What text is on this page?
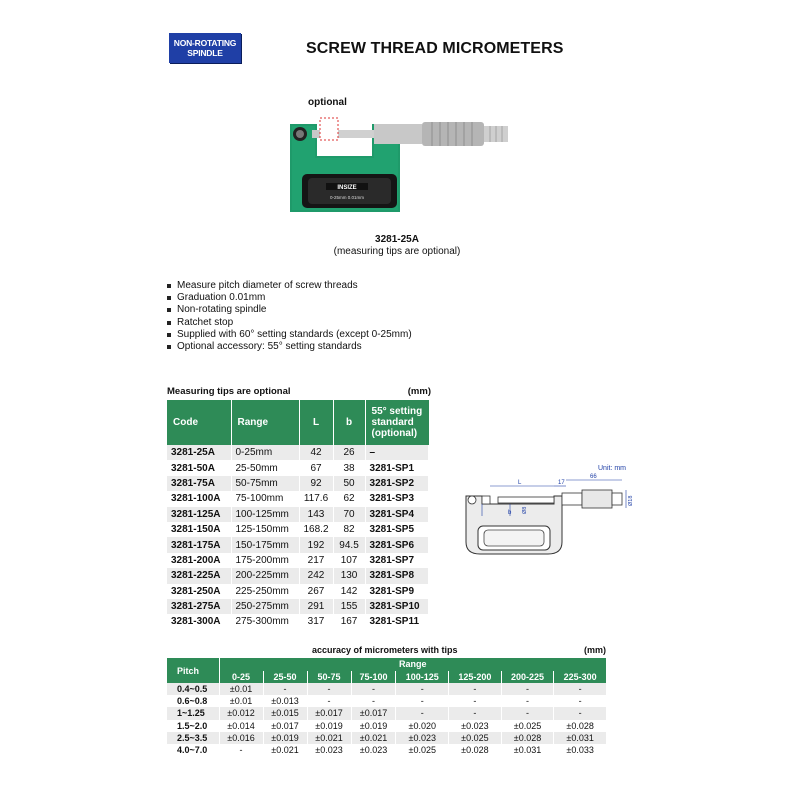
NON-ROTATING
SPINDLE	SCREW THREAD MICROMETERS
INSIZE
0-25mm 0.01mm
optional
3281-25A
(measuring tips are optional)
Measure pitch diameter of screw threads
Graduation 0.01mm
Non-rotating spindle
Ratchet stop
Supplied with 60° setting standards (except 0-25mm)
Optional accessory: 55° setting standards
Measuring tips are optional	(mm)
Code	Range	L	b	55° setting standard (optional)
3281-25A	0-25mm	42	26	–
3281-50A	25-50mm	67	38	3281-SP1
3281-75A	50-75mm	92	50	3281-SP2
3281-100A	75-100mm	117.6	62	3281-SP3
3281-125A	100-125mm	143	70	3281-SP4
3281-150A	125-150mm	168.2	82	3281-SP5
3281-175A	150-175mm	192	94.5	3281-SP6
3281-200A	175-200mm	217	107	3281-SP7
3281-225A	200-225mm	242	130	3281-SP8
3281-250A	225-250mm	267	142	3281-SP9
3281-275A	250-275mm	291	155	3281-SP10
3281-300A	275-300mm	317	167	3281-SP11
L	17
66
Ø18
Ø8
b
Unit: mm
accuracy of micrometers with tips	(mm)
Pitch	Range							
	0-25	25-50	50-75	75-100	100-125	125-200	200-225	225-300
0.4~0.5	±0.01	-	-	-	-	-	-	-
0.6~0.8	±0.01	±0.013	-	-	-	-	-	-
1~1.25	±0.012	±0.015	±0.017	±0.017	-	-	-	-
1.5~2.0	±0.014	±0.017	±0.019	±0.019	±0.020	±0.023	±0.025	±0.028
2.5~3.5	±0.016	±0.019	±0.021	±0.021	±0.023	±0.025	±0.028	±0.031
4.0~7.0	-	±0.021	±0.023	±0.023	±0.025	±0.028	±0.031	±0.033
